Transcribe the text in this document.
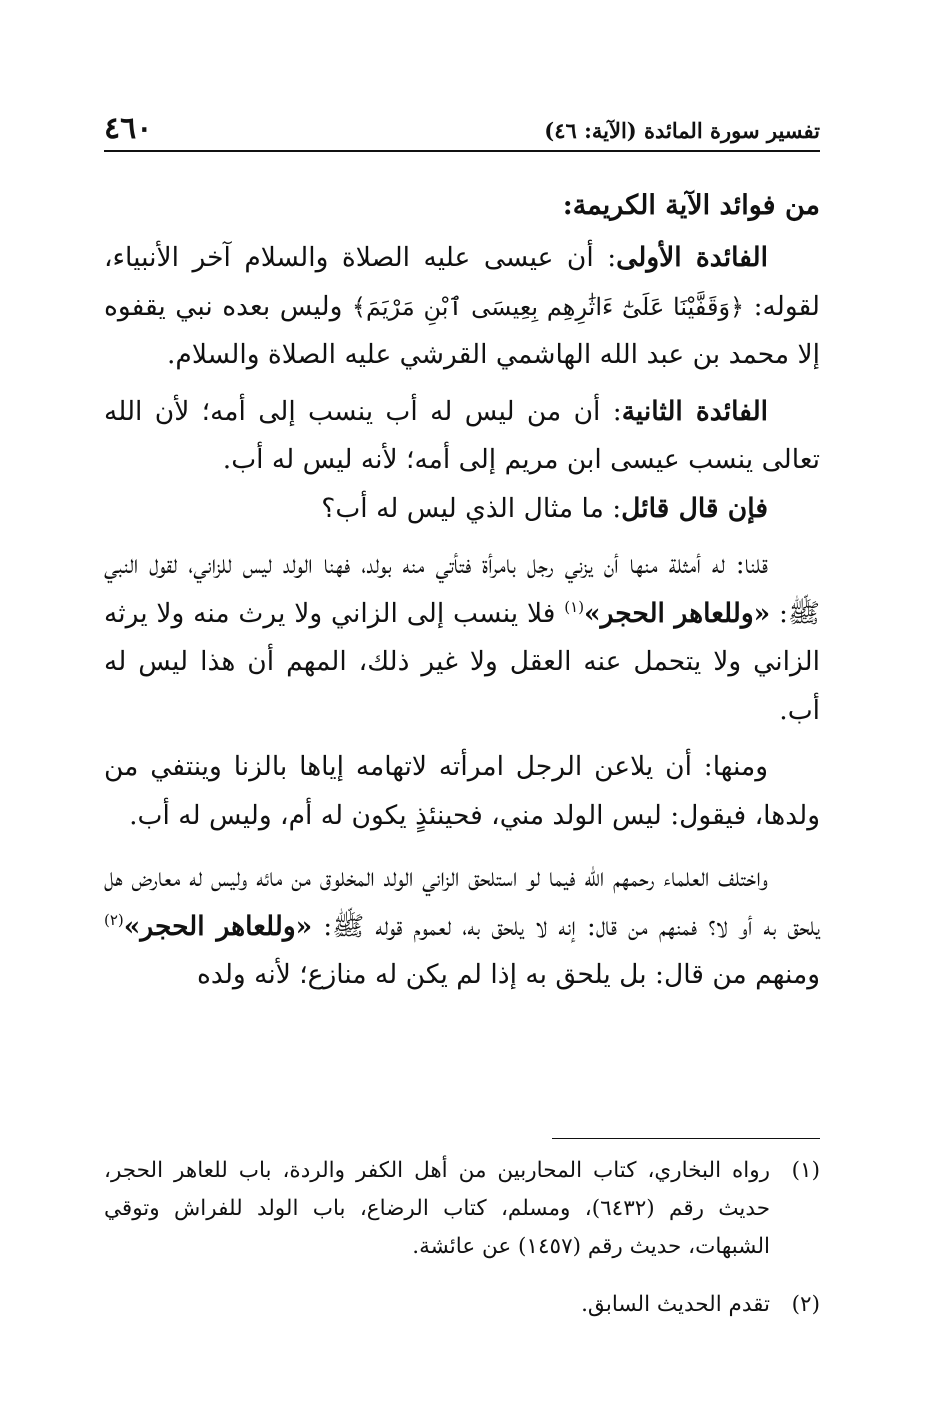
تفسير سورة المائدة (الآية: ٤٦)
٤٦٠
من فوائد الآية الكريمة:

الفائدة الأولى: أن عيسى عليه الصلاة والسلام آخر الأنبياء، لقوله: ﴿وَقَفَّيْنَا عَلَىٰٓ ءَاثَٰرِهِم بِعِيسَى ٱبْنِ مَرْيَمَ﴾ وليس بعده نبي يقفوه إلا محمد بن عبد الله الهاشمي القرشي عليه الصلاة والسلام.

الفائدة الثانية: أن من ليس له أب ينسب إلى أمه؛ لأن الله تعالى ينسب عيسى ابن مريم إلى أمه؛ لأنه ليس له أب.

فإن قال قائل: ما مثال الذي ليس له أب؟

قلنا: له أمثلة منها أن يزني رجل بامرأة فتأتي منه بولد، فهنا الولد ليس للزاني، لقول النبي ﷺ: «وللعاهر الحجر»$^{(١)}$ فلا ينسب إلى الزاني ولا يرث منه ولا يرثه الزاني ولا يتحمل عنه العقل ولا غير ذلك، المهم أن هذا ليس له أب.

ومنها: أن يلاعن الرجل امرأته لاتهامه إياها بالزنا وينتفي من ولدها، فيقول: ليس الولد مني، فحينئذٍ يكون له أم، وليس له أب.

واختلف العلماء رحمهم الله فيما لو استلحق الزاني الولد المخلوق من مائه وليس له معارض هل يلحق به أو لا؟ فمنهم من قال: إنه لا يلحق به، لعموم قوله ﷺ: «وللعاهر الحجر»$^{(٢)}$ ومنهم من قال: بل يلحق به إذا لم يكن له منازع؛ لأنه ولده

(١)
رواه البخاري، كتاب المحاربين من أهل الكفر والردة، باب للعاهر الحجر، حديث رقم (٦٤٣٢)، ومسلم، كتاب الرضاع، باب الولد للفراش وتوقي الشبهات، حديث رقم (١٤٥٧) عن عائشة.
(٢)
تقدم الحديث السابق.
